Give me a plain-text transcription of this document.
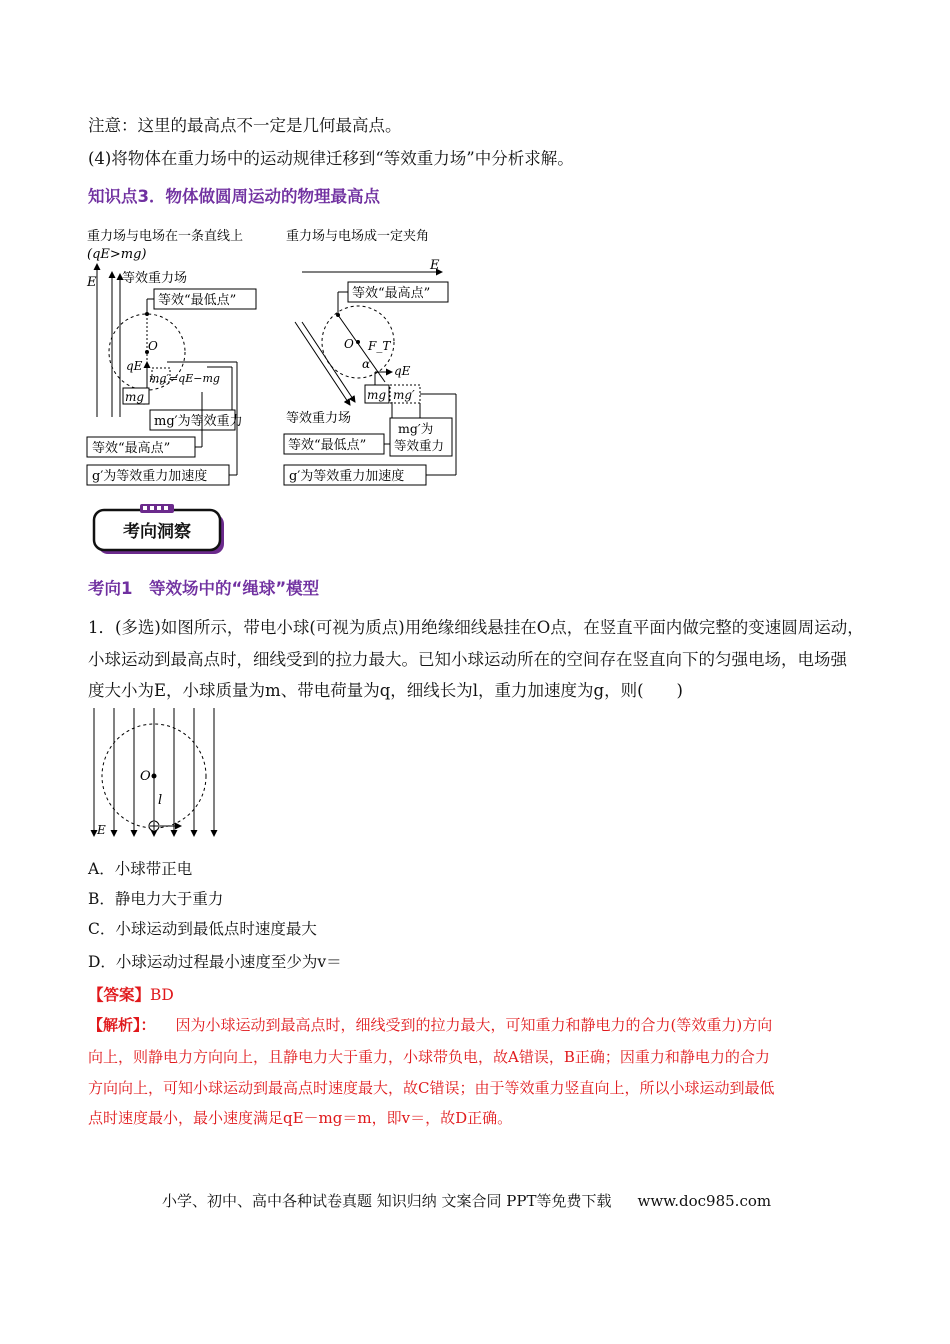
注意：这里的最高点不一定是几何最高点。
(4)将物体在重力场中的运动规律迁移到“等效重力场”中分析求解。
知识点3．物体做圆周运动的物理最高点
重力场与电场在一条直线上
(qE>mg)
E 等效重力场
等效“最低点”
O
qE
mg′=qE−mg
mg
mg′为等效重力
等效“最高点”
g′为等效重力加速度
重力场与电场成一定夹角
E
等效“最高点”
O F_T
α qE
mg mg′
等效重力场
等效“最低点”
mg′为
等效重力
g′为等效重力加速度
考向洞察
考向1　等效场中的“绳球”模型
1．(多选)如图所示，带电小球(可视为质点)用绝缘细线悬挂在O点，在竖直平面内做完整的变速圆周运动，
小球运动到最高点时，细线受到的拉力最大。已知小球运动所在的空间存在竖直向下的匀强电场，电场强
度大小为E，小球质量为m、带电荷量为q，细线长为l，重力加速度为g，则(　　)
O
l
E
A．小球带正电
B．静电力大于重力
C．小球运动到最低点时速度最大
D．小球运动过程最小速度至少为v＝
【答案】BD
【解析】： 因为小球运动到最高点时，细线受到的拉力最大，可知重力和静电力的合力(等效重力)方向
向上，则静电力方向向上，且静电力大于重力，小球带负电，故A错误，B正确；因重力和静电力的合力
方向向上，可知小球运动到最高点时速度最大，故C错误；由于等效重力竖直向上，所以小球运动到最低
点时速度最小，最小速度满足qE－mg＝m，即v＝，故D正确。
小学、初中、高中各种试卷真题 知识归纳 文案合同 PPT等免费下载 www.doc985.com
